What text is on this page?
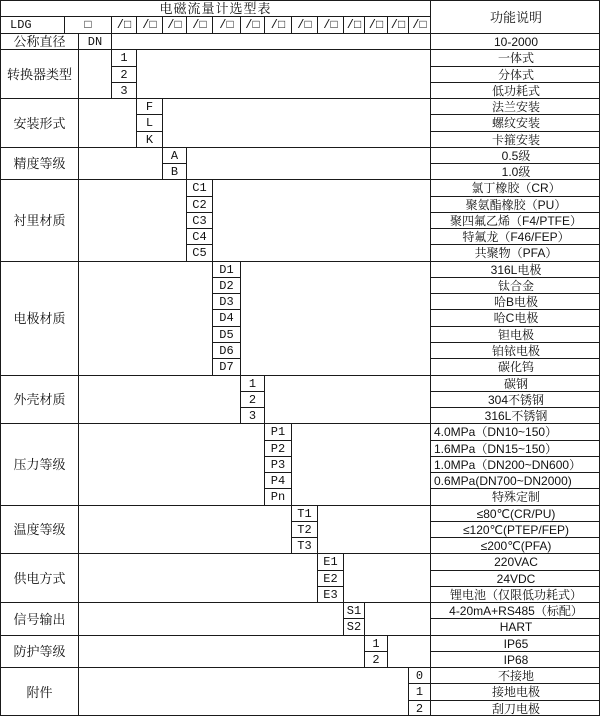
电磁流量计选型表
功能说明
LDG	□	/□ /□ /□ /□	/□ /□ /□	/□ /□ /□ /□ /□ /□
公称直径	DN	10-2000
转换器类型
1	一体式
2	分体式
3	低功耗式
安装形式
F	法兰安装
L	螺纹安装
K	卡箍安装
精度等级
A	0.5级
B	1.0级
衬里材质
C1	氯丁橡胶（CR）
C2	聚氨酯橡胶（PU）
C3	聚四氟乙烯（F4/PTFE）
C4	特氟龙（F46/FEP）
C5	共聚物（PFA）
电极材质
D1	316L电极
D2	钛合金
D3	哈B电极
D4	哈C电极
D5	钽电极
D6	铂铱电极
D7	碳化钨
外壳材质
1	碳钢
2	304不锈钢
3	316L不锈钢
压力等级
P1	4.0MPa（DN10~150）
P2	1.6MPa（DN15~150）
P3	1.0MPa（DN200~DN600）
P4	0.6MPa(DN700~DN2000)
Pn	特殊定制
温度等级
T1	≤80℃(CR/PU)
T2	≤120℃(PTEP/FEP)
T3	≤200℃(PFA)
供电方式
E1	220VAC
E2	24VDC
E3	锂电池（仅限低功耗式）
信号输出
S1	4-20mA+RS485（标配）
S2	HART
防护等级
1	IP65
2	IP68
附件
0	不接地
1	接地电极
2	刮刀电极
